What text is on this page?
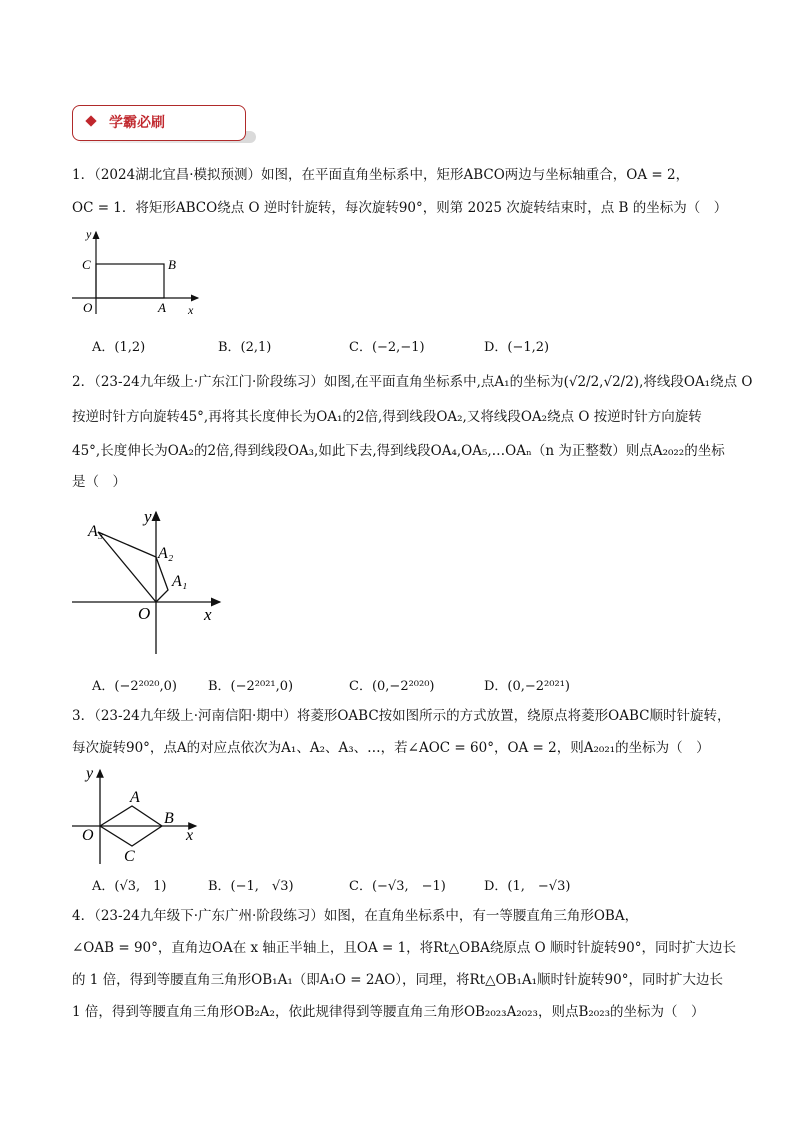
学霸必刷
1．（2024湖北宜昌·模拟预测）如图，在平面直角坐标系中，矩形ABCO两边与坐标轴重合，OA = 2，
OC = 1．将矩形ABCO绕点 O 逆时针旋转，每次旋转90°，则第 2025 次旋转结束时，点 B 的坐标为（　）
y
x
C	B
O	A
A．(1,2)	B．(2,1)	C．(−2,−1)	D．(−1,2)
2．（23-24九年级上·广东江门·阶段练习）如图,在平面直角坐标系中,点A₁的坐标为(√2/2,√2/2),将线段OA₁绕点 O
按逆时针方向旋转45°,再将其长度伸长为OA₁的2倍,得到线段OA₂,又将线段OA₂绕点 O 按逆时针方向旋转
45°,长度伸长为OA₂的2倍,得到线段OA₃,如此下去,得到线段OA₄,OA₅,…OAₙ（n 为正整数）则点A₂₀₂₂的坐标
是（　）
y
x
O
A₁
A₂
A₃
A．(−2²⁰²⁰,0) B．(−2²⁰²¹,0)	C．(0,−2²⁰²⁰)	D．(0,−2²⁰²¹)
3．（23-24九年级上·河南信阳·期中）将菱形OABC按如图所示的方式放置，绕原点将菱形OABC顺时针旋转，
每次旋转90°，点A的对应点依次为A₁、A₂、A₃、…，若∠AOC = 60°，OA = 2，则A₂₀₂₁的坐标为（　）
y
x
O
A
B
C
A．(√3,　1)	B．(−1,　√3)	C．(−√3,　−1)	D．(1,　−√3)
4．（23-24九年级下·广东广州·阶段练习）如图，在直角坐标系中，有一等腰直角三角形OBA，
∠OAB = 90°，直角边OA在 x 轴正半轴上，且OA = 1，将Rt△OBA绕原点 O 顺时针旋转90°，同时扩大边长
的 1 倍，得到等腰直角三角形OB₁A₁（即A₁O = 2AO），同理，将Rt△OB₁A₁顺时针旋转90°，同时扩大边长
1 倍，得到等腰直角三角形OB₂A₂，依此规律得到等腰直角三角形OB₂₀₂₃A₂₀₂₃，则点B₂₀₂₃的坐标为（　）
